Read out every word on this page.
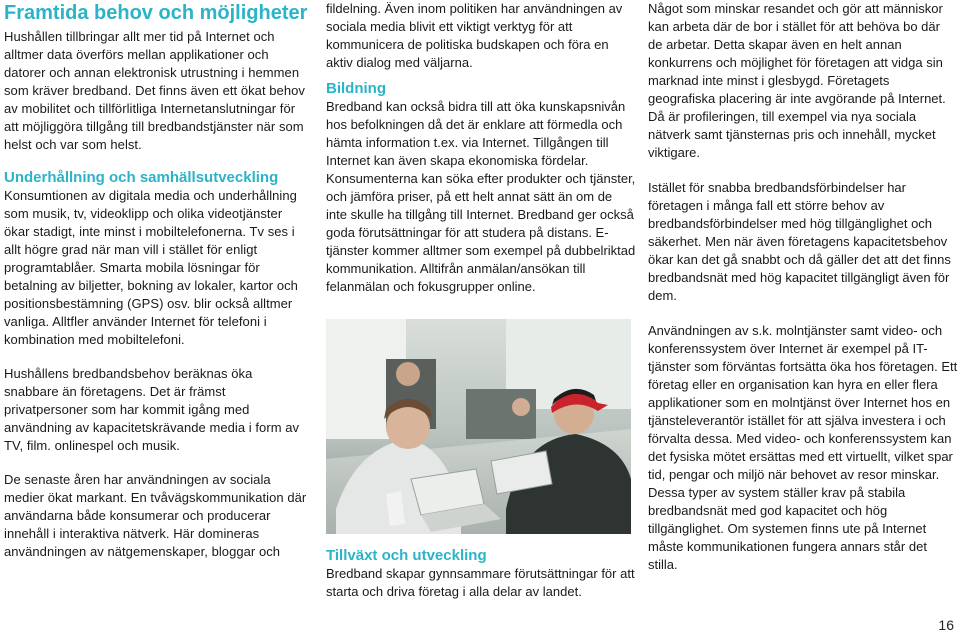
Framtida behov och möjligheter

Hushållen tillbringar allt mer tid på Internet och alltmer data överförs mellan applikationer och datorer och annan elektronisk utrustning i hemmen som kräver bredband. Det finns även ett ökat behov av mobilitet och tillförlitliga Internetanslutningar för att möjliggöra tillgång till bredbandstjänster när som helst och var som helst.

Underhållning och samhällsutveckling

Konsumtionen av digitala media och underhållning som musik, tv, videoklipp och olika videotjänster ökar stadigt, inte minst i mobiltelefonerna. Tv ses i allt högre grad när man vill i stället för enligt programtablåer. Smarta mobila lösningar för betalning av biljetter, bokning av lokaler, kartor och positionsbestämning (GPS) osv. blir också alltmer vanliga. Alltfler använder Internet för telefoni i kombination med mobiltelefoni.

Hushållens bredbandsbehov beräknas öka snabbare än företagens. Det är främst privatpersoner som har kommit igång med användning av kapacitetskrävande media i form av TV, film. onlinespel och musik.

De senaste åren har användningen av sociala medier ökat markant. En tvåvägskommunikation där användarna både konsumerar och producerar innehåll i interaktiva nätverk. Här domineras användningen av nätgemenskaper, bloggar och

fildelning. Även inom politiken har användningen av sociala media blivit ett viktigt verktyg för att kommunicera de politiska budskapen och föra en aktiv dialog med väljarna.

Bildning

Bredband kan också bidra till att öka kunskapsnivån hos befolkningen då det är enklare att förmedla och hämta information t.ex. via Internet. Tillgången till Internet kan även skapa ekonomiska fördelar. Konsumenterna kan söka efter produkter och tjänster, och jämföra priser, på ett helt annat sätt än om de inte skulle ha tillgång till Internet. Bredband ger också goda förutsättningar för att studera på distans. E-tjänster kommer alltmer som exempel på dubbelriktad kommunikation. Alltifrån anmälan/ansökan till felanmälan och fokusgrupper online.

Tillväxt och utveckling

Bredband skapar gynnsammare förutsättningar för att starta och driva företag i alla delar av landet.

Något som minskar resandet och gör att människor kan arbeta där de bor i stället för att behöva bo där de arbetar. Detta skapar även en helt annan konkurrens och möjlighet för företagen att vidga sin marknad inte minst i glesbygd. Företagets geografiska placering är inte avgörande på Internet. Då är profileringen, till exempel via nya sociala nätverk samt tjänsternas pris och innehåll, mycket viktigare.

Istället för snabba bredbandsförbindelser har företagen i många fall ett större behov av bredbandsförbindelser med hög tillgänglighet och säkerhet. Men när även företagens kapacitetsbehov ökar kan det gå snabbt och då gäller det att det finns bredbandsnät med hög kapacitet tillgängligt även för dem.

Användningen av s.k. molntjänster samt video- och konferenssystem över Internet är exempel på IT-tjänster som förväntas fortsätta öka hos företagen. Ett företag eller en organisation kan hyra en eller flera applikationer som en molntjänst över Internet hos en tjänsteleverantör istället för att själva investera i och förvalta dessa. Med video- och konferenssystem kan det fysiska mötet ersättas med ett virtuellt, vilket spar tid, pengar och miljö när behovet av resor minskar. Dessa typer av system ställer krav på stabila bredbandsnät med god kapacitet och hög tillgänglighet. Om systemen finns ute på Internet måste kommunikationen fungera annars står det stilla.

16
